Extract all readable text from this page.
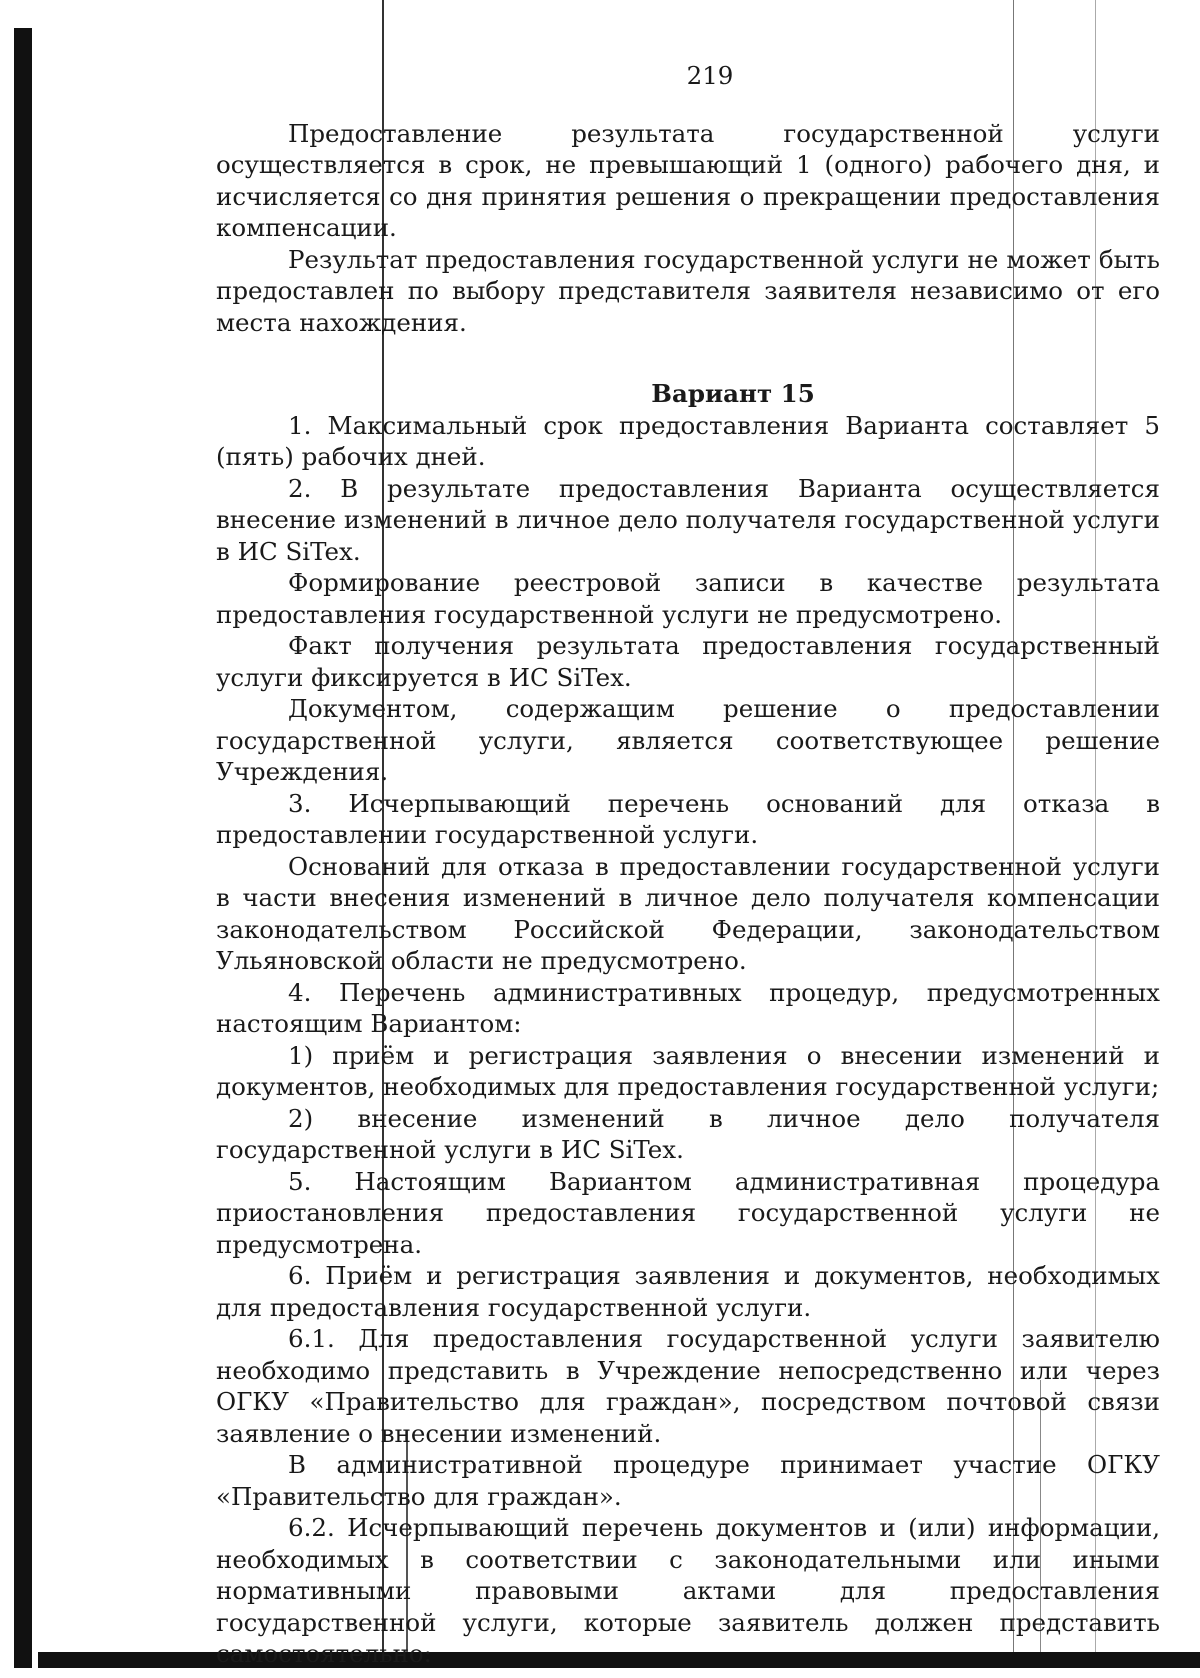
219

Предоставление результата государственной услуги осуществляется в срок, не превышающий 1 (одного) рабочего дня, и исчисляется со дня принятия решения о прекращении предоставления компенсации.

Результат предоставления государственной услуги не может быть предоставлен по выбору представителя заявителя независимо от его места нахождения.

Вариант 15

1. Максимальный срок предоставления Варианта составляет 5 (пять) рабочих дней.

2. В результате предоставления Варианта осуществляется внесение изменений в личное дело получателя государственной услуги в ИС SiTex.

Формирование реестровой записи в качестве результата предоставления государственной услуги не предусмотрено.

Факт получения результата предоставления государственный услуги фиксируется в ИС SiTex.

Документом, содержащим решение о предоставлении государственной услуги, является соответствующее решение Учреждения.

3. Исчерпывающий перечень оснований для отказа в предоставлении государственной услуги.

Оснований для отказа в предоставлении государственной услуги в части внесения изменений в личное дело получателя компенсации законодательством Российской Федерации, законодательством Ульяновской области не предусмотрено.

4. Перечень административных процедур, предусмотренных настоящим Вариантом:

1) приём и регистрация заявления о внесении изменений и документов, необходимых для предоставления государственной услуги;

2) внесение изменений в личное дело получателя государственной услуги в ИС SiTex.

5. Настоящим Вариантом административная процедура приостановления предоставления государственной услуги не предусмотрена.

6. Приём и регистрация заявления и документов, необходимых для предоставления государственной услуги.

6.1. Для предоставления государственной услуги заявителю необходимо представить в Учреждение непосредственно или через ОГКУ «Правительство для граждан», посредством почтовой связи заявление о внесении изменений.

В административной процедуре принимает участие ОГКУ «Правительство для граждан».

6.2. Исчерпывающий перечень документов и (или) информации, необходимых в соответствии с законодательными или иными нормативными правовыми актами для предоставления государственной услуги, которые заявитель должен представить самостоятельно:
